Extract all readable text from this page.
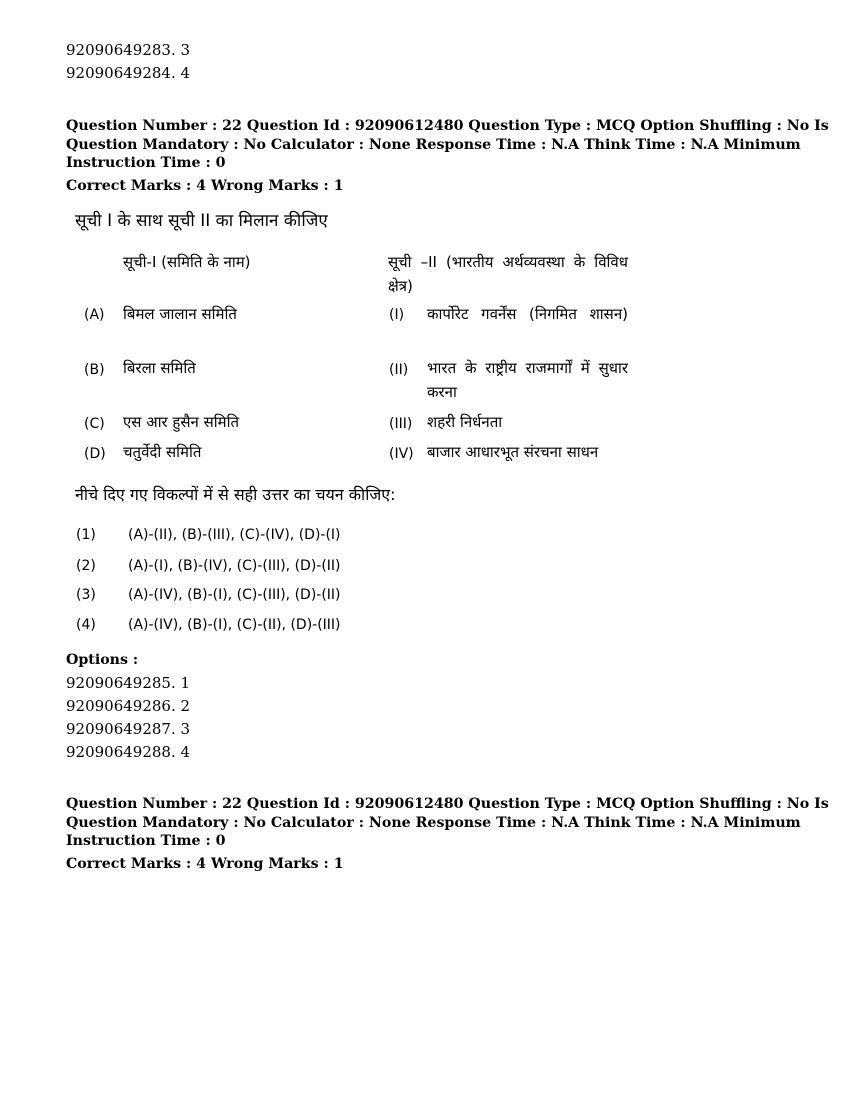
92090649283. 3
92090649284. 4
Question Number : 22 Question Id : 92090612480 Question Type : MCQ Option Shuffling : No Is
Question Mandatory : No Calculator : None Response Time : N.A Think Time : N.A Minimum
Instruction Time : 0
Correct Marks : 4 Wrong Marks : 1
सूची I के साथ सूची II का मिलान कीजिए
सूची-I (समिति के नाम)	सूची –II (भारतीय अर्थव्यवस्था के विविध क्षेत्र)
(A) बिमल जालान समिति	(I) कार्पोरेट गवर्नेंस (निगमित शासन)
(B) बिरला समिति	(II) भारत के राष्ट्रीय राजमार्गों में सुधार करना
(C) एस आर हुसैन समिति	(III) शहरी निर्धनता
(D) चतुर्वेदी समिति	(IV) बाजार आधारभूत संरचना साधन
नीचे दिए गए विकल्पों में से सही उत्तर का चयन कीजिए:
(1) (A)-(II), (B)-(III), (C)-(IV), (D)-(I)
(2) (A)-(I), (B)-(IV), (C)-(III), (D)-(II)
(3) (A)-(IV), (B)-(I), (C)-(III), (D)-(II)
(4) (A)-(IV), (B)-(I), (C)-(II), (D)-(III)
Options :
92090649285. 1
92090649286. 2
92090649287. 3
92090649288. 4
Question Number : 22 Question Id : 92090612480 Question Type : MCQ Option Shuffling : No Is
Question Mandatory : No Calculator : None Response Time : N.A Think Time : N.A Minimum
Instruction Time : 0
Correct Marks : 4 Wrong Marks : 1
